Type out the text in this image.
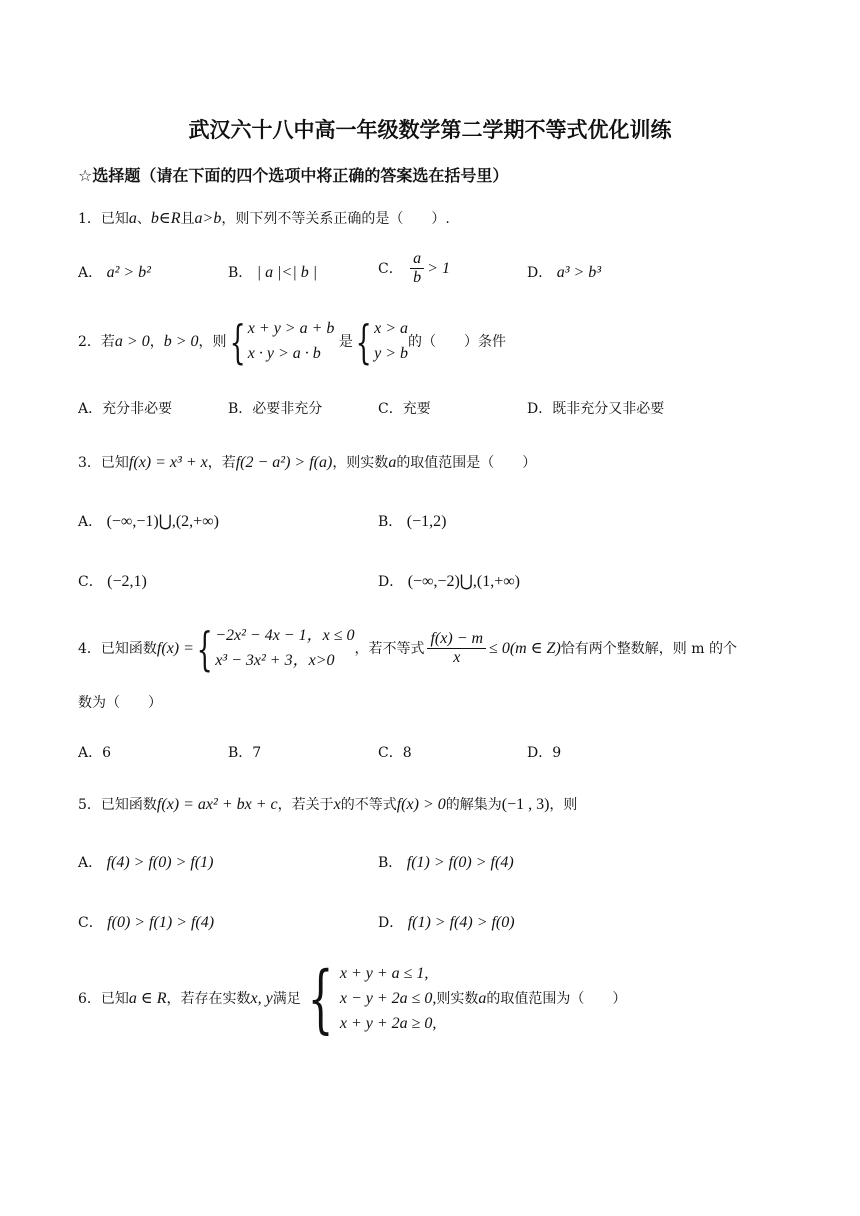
武汉六十八中高一年级数学第二学期不等式优化训练
☆选择题（请在下面的四个选项中将正确的答案选在括号里）
1．已知a、b∈R且a>b，则下列不等关系正确的是（　　）.
A． a² > b²	B． | a |<| b |	C． $\frac{a}{b} > 1$	D． a³ > b³
2．若a > 0，b > 0，则{ x + y > a + b
x · y > a · b
是{ x > a
y > b
的（　　）条件
A．充分非必要	B．必要非充分	C．充要	D．既非充分又非必要
3．已知f(x) = x³ + x，若f(2 − a²) > f(a)，则实数a的取值范围是（　　）
A． (−∞,−1)⋃,(2,+∞)	B． (−1,2)
C． (−2,1)	D． (−∞,−2)⋃,(1,+∞)
4．已知函数f(x) ={ −2x² − 4x − 1，x ≤ 0
x³ − 3x² + 3，x>0
，若不等式 $\frac{f(x) - m}{x} \le 0(m$ ∈ Z)恰有两个整数解，则 m 的个
数为（　　）
A．6	B．7	C．8	D．9
5．已知函数f(x) = ax² + bx + c，若关于x的不等式f(x) > 0的解集为(−1 , 3)，则
A． f(4) > f(0) > f(1)	B． f(1) > f(0) > f(4)
C． f(0) > f(1) > f(4)	D． f(1) > f(4) > f(0)
6．已知a ∈ R，若存在实数x, y满足{ x + y + a ≤ 1,
x − y + 2a ≤ 0,
x + y + 2a ≥ 0,
则实数a的取值范围为（　　）
